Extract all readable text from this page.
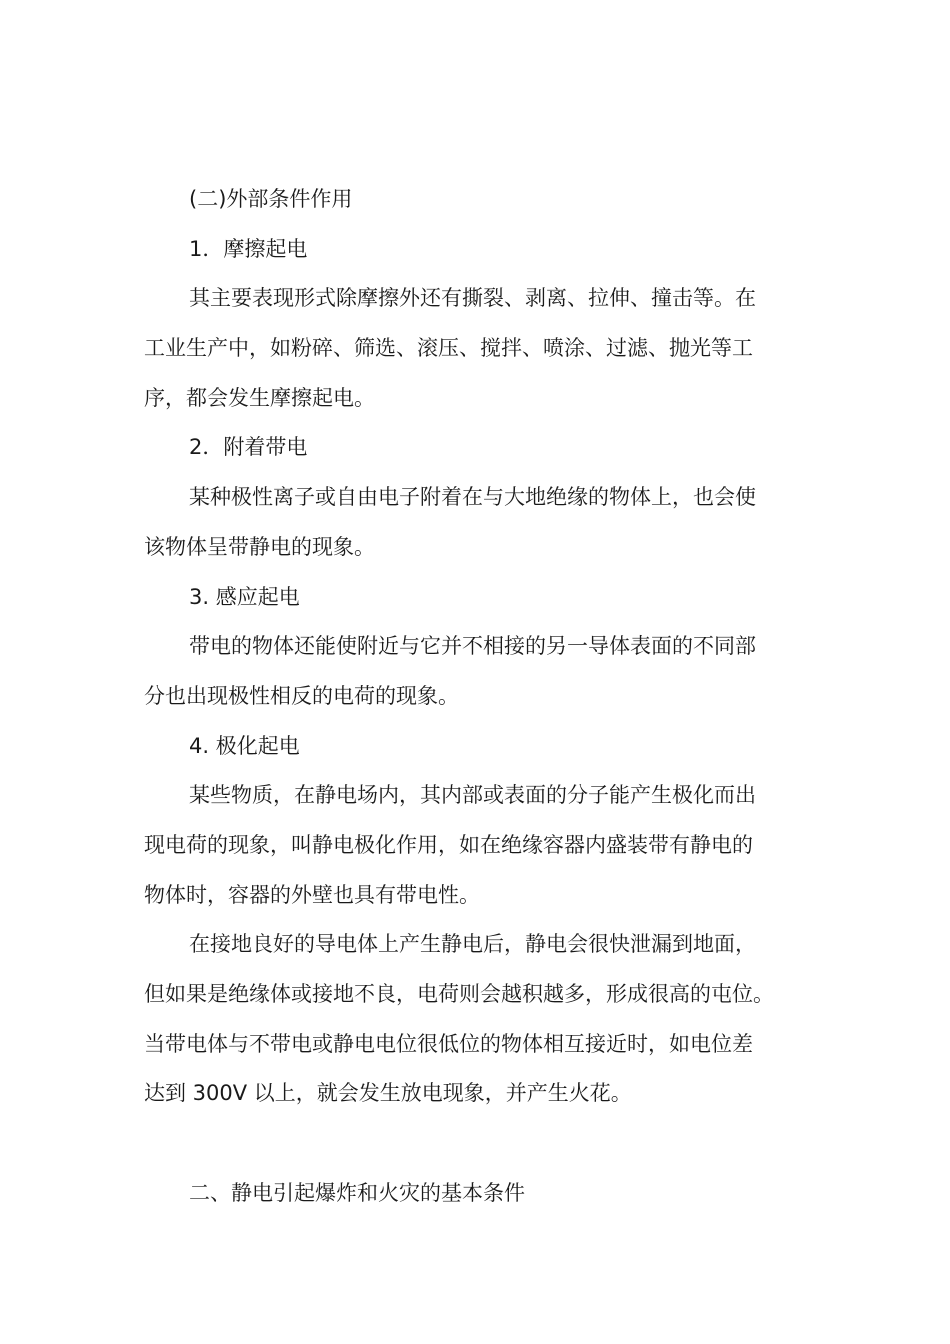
(二)外部条件作用
1．摩擦起电
其主要表现形式除摩擦外还有撕裂、剥离、拉伸、撞击等。在
工业生产中，如粉碎、筛选、滚压、搅拌、喷涂、过滤、抛光等工
序，都会发生摩擦起电。
2．附着带电
某种极性离子或自由电子附着在与大地绝缘的物体上，也会使
该物体呈带静电的现象。
3. 感应起电
带电的物体还能使附近与它并不相接的另一导体表面的不同部
分也出现极性相反的电荷的现象。
4. 极化起电
某些物质，在静电场内，其内部或表面的分子能产生极化而出
现电荷的现象，叫静电极化作用，如在绝缘容器内盛装带有静电的
物体时，容器的外壁也具有带电性。
在接地良好的导电体上产生静电后，静电会很快泄漏到地面，
但如果是绝缘体或接地不良，电荷则会越积越多，形成很高的屯位。
当带电体与不带电或静电电位很低位的物体相互接近时，如电位差
达到 300V 以上，就会发生放电现象，并产生火花。
二、静电引起爆炸和火灾的基本条件
